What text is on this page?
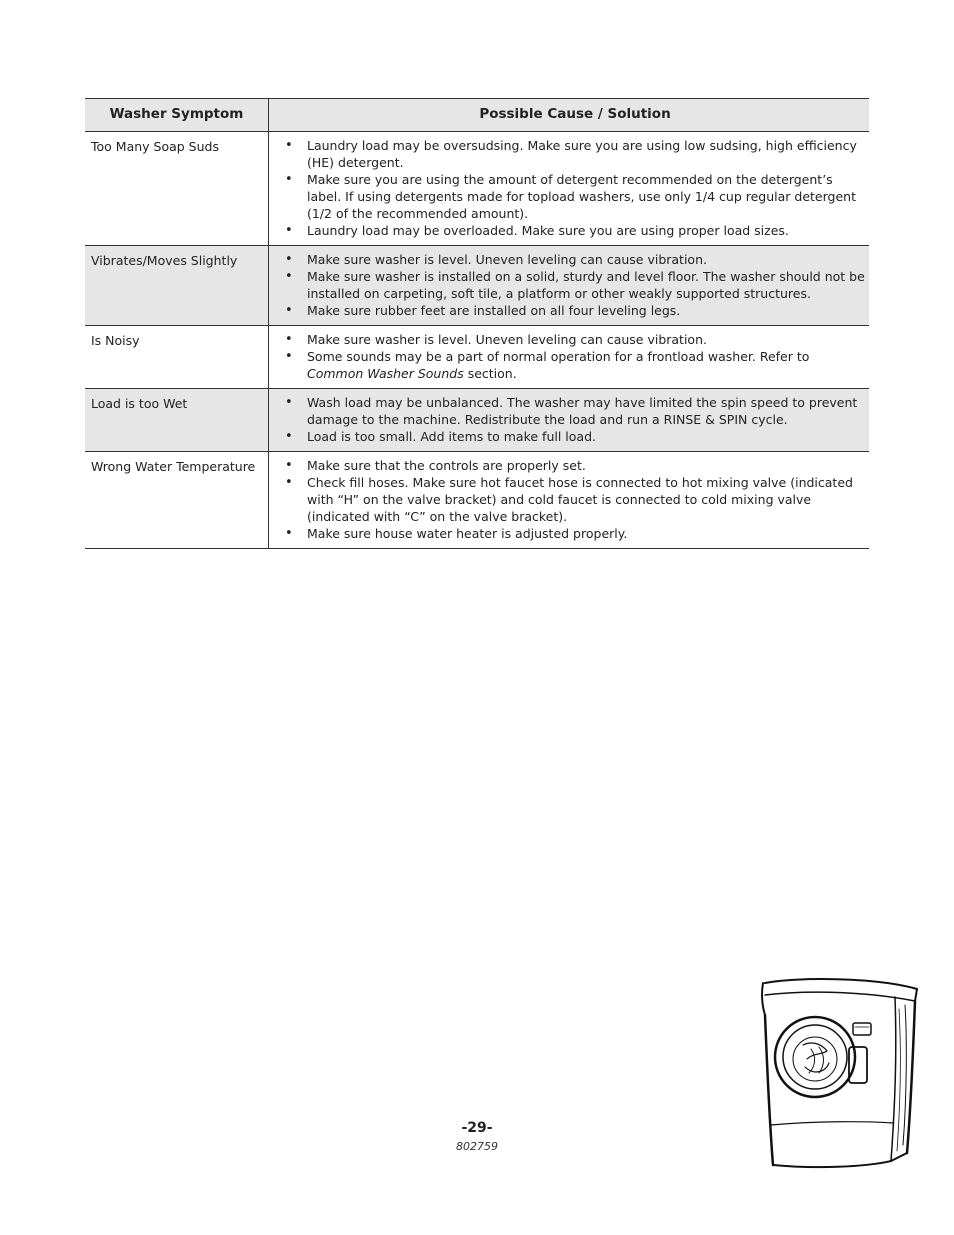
Washer Symptom	Possible Cause / Solution
Too Many Soap Suds	• Laundry load may be oversudsing. Make sure you are using low sudsing, high efficiency (HE) detergent.
• Make sure you are using the amount of detergent recommended on the detergent’s label. If using detergents made for topload washers, use only 1/4 cup regular detergent (1/2 of the recommended amount).
• Laundry load may be overloaded. Make sure you are using proper load sizes.
Vibrates/Moves Slightly	• Make sure washer is level. Uneven leveling can cause vibration.
• Make sure washer is installed on a solid, sturdy and level floor. The washer should not be installed on carpeting, soft tile, a platform or other weakly supported structures.
• Make sure rubber feet are installed on all four leveling legs.
Is Noisy	• Make sure washer is level. Uneven leveling can cause vibration.
• Some sounds may be a part of normal operation for a frontload washer. Refer to Common Washer Sounds section.
Load is too Wet	• Wash load may be unbalanced. The washer may have limited the spin speed to prevent damage to the machine. Redistribute the load and run a RINSE & SPIN cycle.
• Load is too small. Add items to make full load.
Wrong Water Temperature	• Make sure that the controls are properly set.
• Check fill hoses. Make sure hot faucet hose is connected to hot mixing valve (indicated with “H” on the valve bracket) and cold faucet is connected to cold mixing valve (indicated with “C” on the valve bracket).
• Make sure house water heater is adjusted properly.
-29-
802759
